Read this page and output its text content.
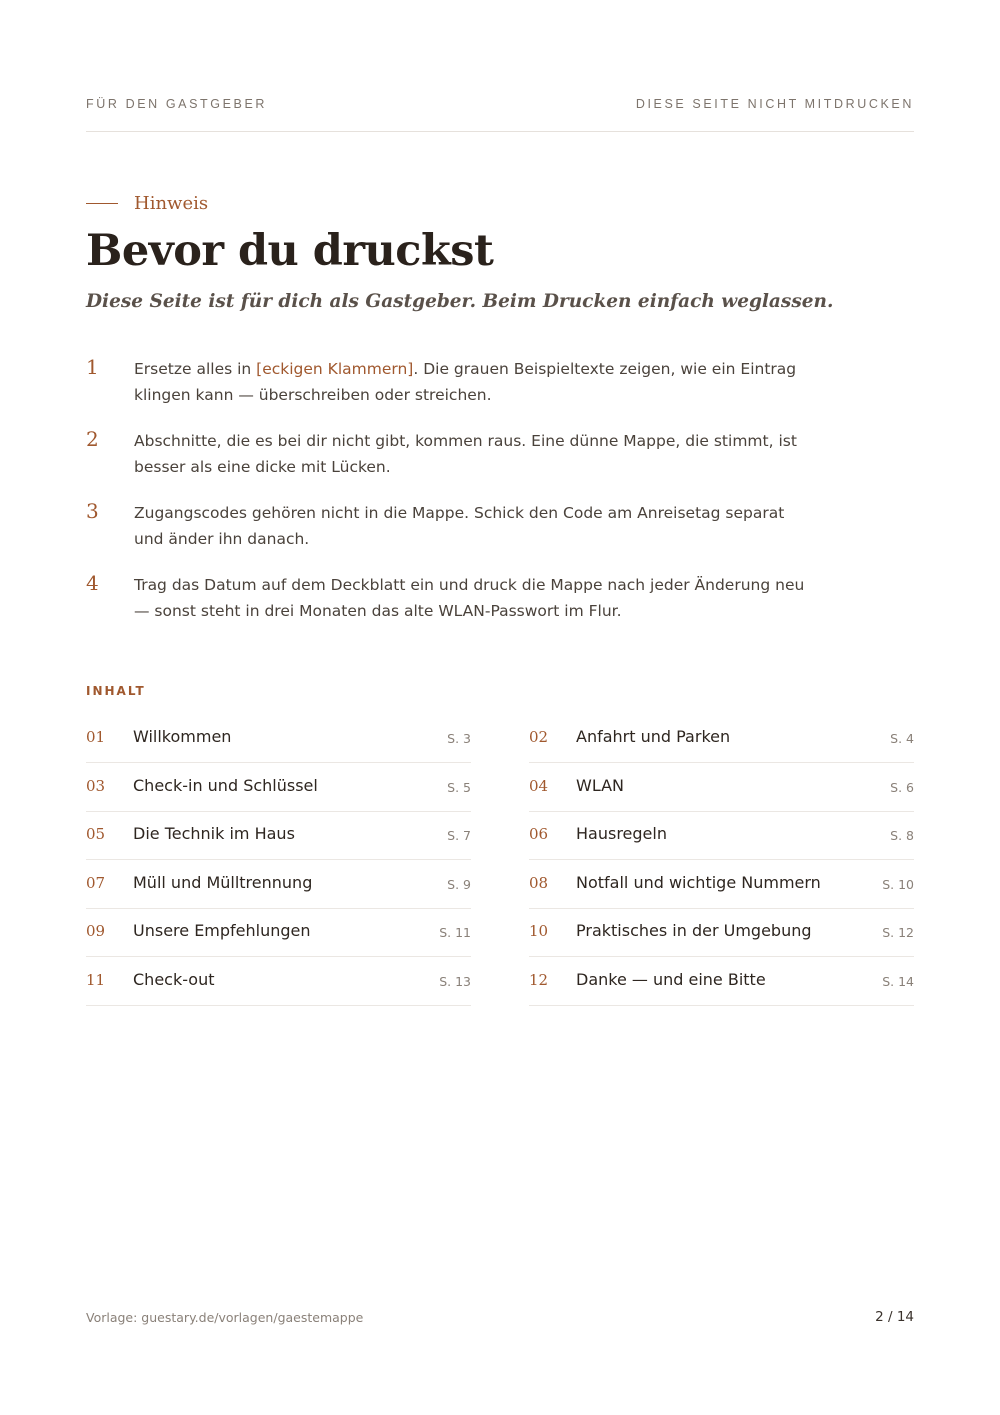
FÜR DEN GASTGEBER	DIESE SEITE NICHT MITDRUCKEN
Hinweis
Bevor du druckst

Diese Seite ist für dich als Gastgeber. Beim Drucken einfach weglassen.

1 Ersetze alles in [eckigen Klammern]. Die grauen Beispieltexte zeigen, wie ein Eintrag klingen kann — überschreiben oder streichen.
2 Abschnitte, die es bei dir nicht gibt, kommen raus. Eine dünne Mappe, die stimmt, ist besser als eine dicke mit Lücken.
3 Zugangscodes gehören nicht in die Mappe. Schick den Code am Anreisetag separat und änder ihn danach.
4 Trag das Datum auf dem Deckblatt ein und druck die Mappe nach jeder Änderung neu — sonst steht in drei Monaten das alte WLAN-Passwort im Flur.
INHALT
01 Willkommen	S. 3	02 Anfahrt und Parken	S. 4
03 Check-in und Schlüssel	S. 5	04 WLAN	S. 6
05 Die Technik im Haus	S. 7	06 Hausregeln	S. 8
07 Müll und Mülltrennung	S. 9	08 Notfall und wichtige Nummern	S. 10
09 Unsere Empfehlungen	S. 11	10 Praktisches in der Umgebung	S. 12
11 Check-out	S. 13	12 Danke — und eine Bitte	S. 14
Vorlage: guestary.de/vorlagen/gaestemappe	2 / 14
